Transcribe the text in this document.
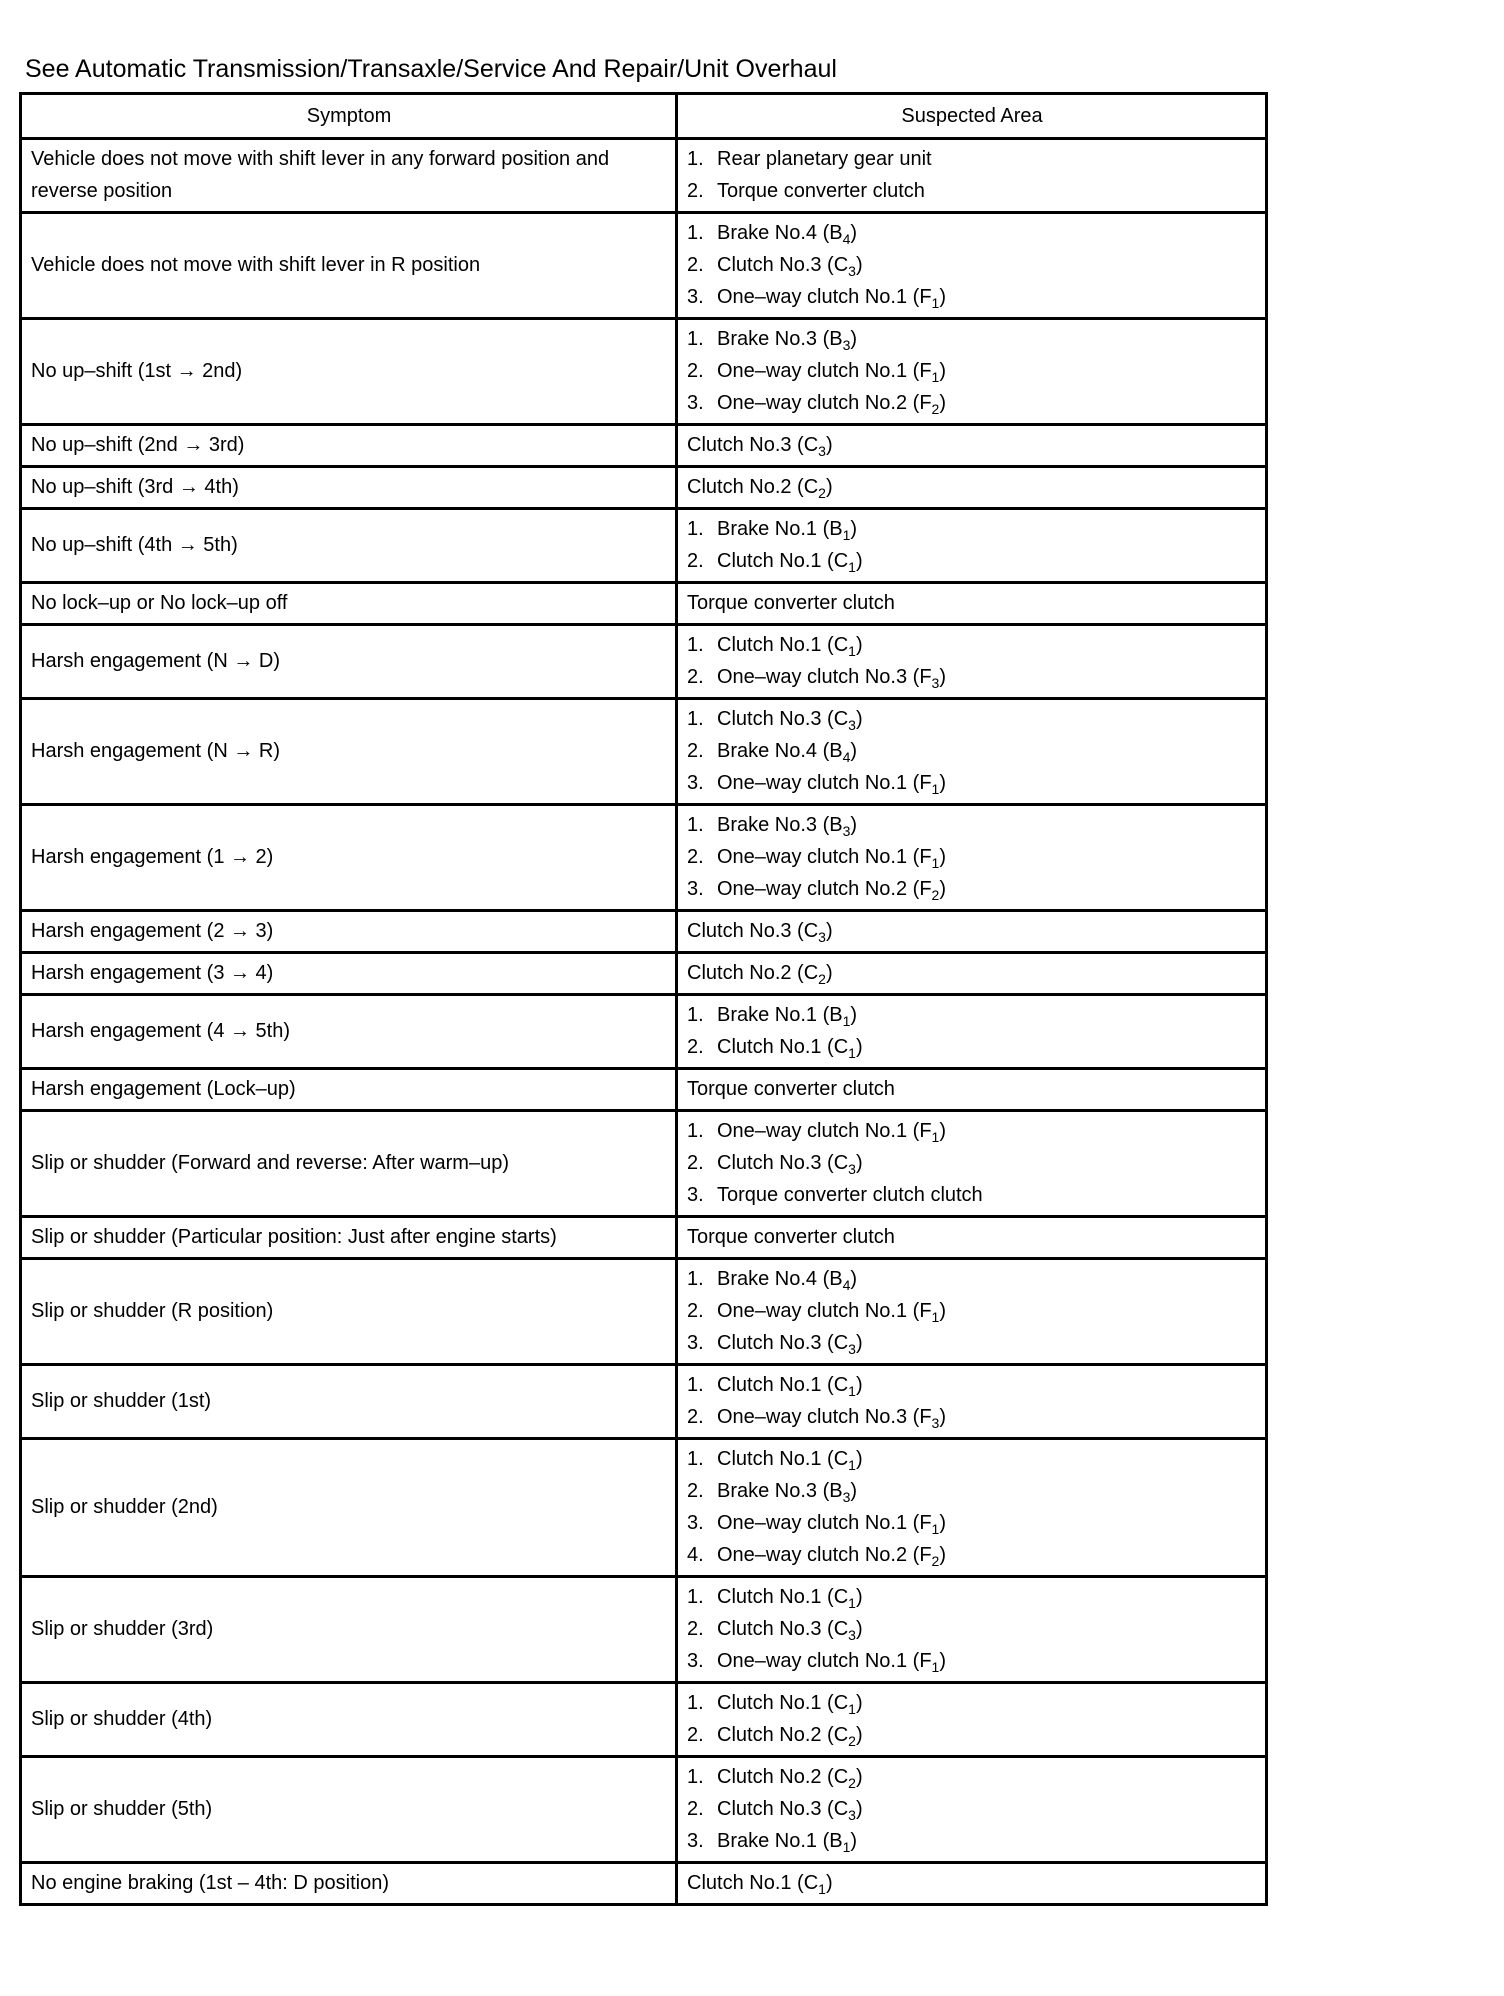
See Automatic Transmission/Transaxle/Service And Repair/Unit Overhaul
Symptom	Suspected Area
Vehicle does not move with shift lever in any forward position and reverse position	1. Rear planetary gear unit
2. Torque converter clutch

Vehicle does not move with shift lever in R position	1. Brake No.4 $(B_4)$
2. Clutch No.3 $(C_3)$
3. One–way clutch No.1 $(F_1)$

No up–shift (1st → 2nd)	1. Brake No.3 $(B_3)$
2. One–way clutch No.1 $(F_1)$
3. One–way clutch No.2 $(F_2)$

No up–shift (2nd → 3rd)	Clutch No.3 $(C_3)$

No up–shift (3rd → 4th)	Clutch No.2 $(C_2)$

No up–shift (4th → 5th)	1. Brake No.1 $(B_1)$
2. Clutch No.1 $(C_1)$

No lock–up or No lock–up off	Torque converter clutch

Harsh engagement (N → D)	1. Clutch No.1 $(C_1)$
2. One–way clutch No.3 $(F_3)$

Harsh engagement (N → R)	1. Clutch No.3 $(C_3)$
2. Brake No.4 $(B_4)$
3. One–way clutch No.1 $(F_1)$

Harsh engagement (1 → 2)	1. Brake No.3 $(B_3)$
2. One–way clutch No.1 $(F_1)$
3. One–way clutch No.2 $(F_2)$

Harsh engagement (2 → 3)	Clutch No.3 $(C_3)$

Harsh engagement (3 → 4)	Clutch No.2 $(C_2)$

Harsh engagement (4 → 5th)	1. Brake No.1 $(B_1)$
2. Clutch No.1 $(C_1)$

Harsh engagement (Lock–up)	Torque converter clutch

Slip or shudder (Forward and reverse: After warm–up)	1. One–way clutch No.1 $(F_1)$
2. Clutch No.3 $(C_3)$
3. Torque converter clutch clutch

Slip or shudder (Particular position: Just after engine starts)	Torque converter clutch

Slip or shudder (R position)	1. Brake No.4 $(B_4)$
2. One–way clutch No.1 $(F_1)$
3. Clutch No.3 $(C_3)$

Slip or shudder (1st)	1. Clutch No.1 $(C_1)$
2. One–way clutch No.3 $(F_3)$

Slip or shudder (2nd)	1. Clutch No.1 $(C_1)$
2. Brake No.3 $(B_3)$
3. One–way clutch No.1 $(F_1)$
4. One–way clutch No.2 $(F_2)$

Slip or shudder (3rd)	1. Clutch No.1 $(C_1)$
2. Clutch No.3 $(C_3)$
3. One–way clutch No.1 $(F_1)$

Slip or shudder (4th)	1. Clutch No.1 $(C_1)$
2. Clutch No.2 $(C_2)$

Slip or shudder (5th)	1. Clutch No.2 $(C_2)$
2. Clutch No.3 $(C_3)$
3. Brake No.1 $(B_1)$

No engine braking (1st – 4th: D position)	Clutch No.1 $(C_1)$
